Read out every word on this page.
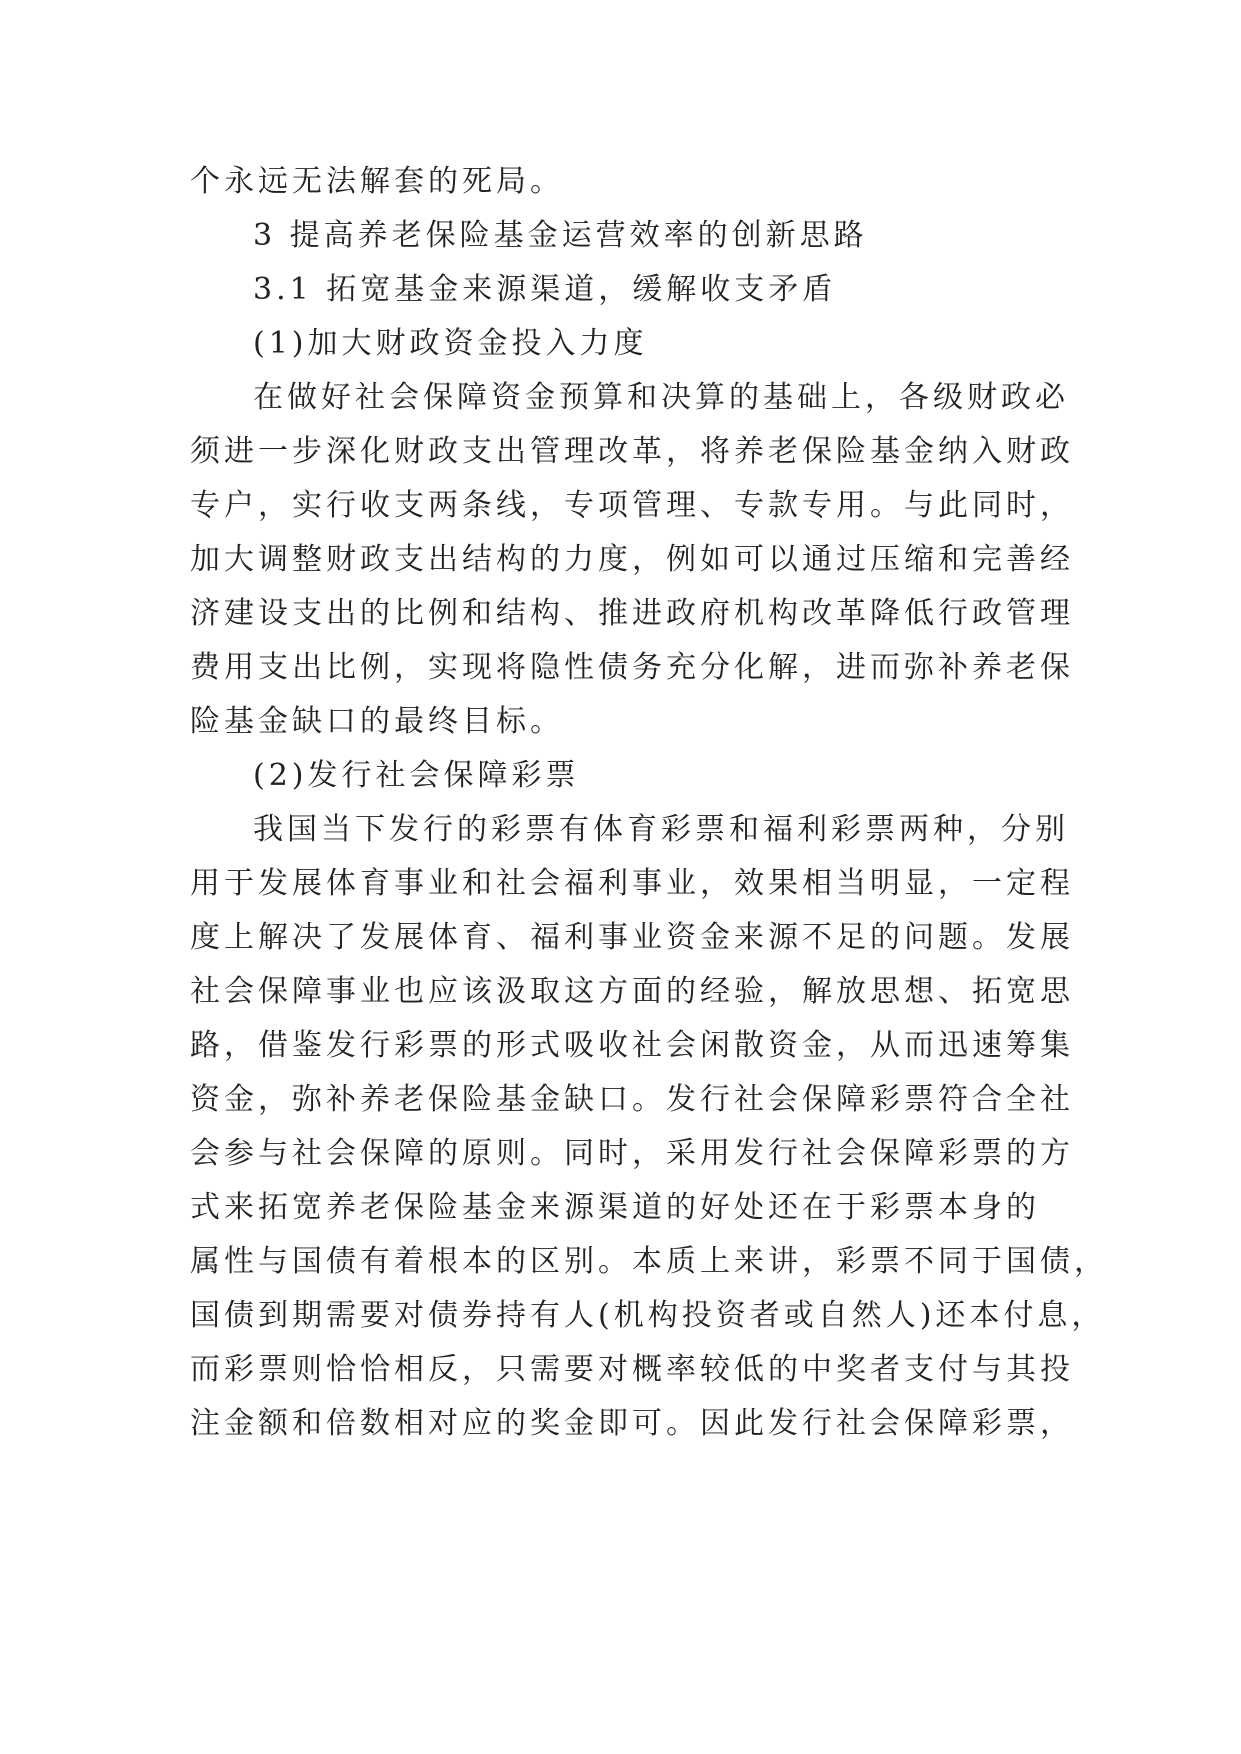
个永远无法解套的死局。
3 提高养老保险基金运营效率的创新思路
3.1 拓宽基金来源渠道，缓解收支矛盾
(1)加大财政资金投入力度
在做好社会保障资金预算和决算的基础上，各级财政必
须进一步深化财政支出管理改革，将养老保险基金纳入财政
专户，实行收支两条线，专项管理、专款专用。与此同时，
加大调整财政支出结构的力度，例如可以通过压缩和完善经
济建设支出的比例和结构、推进政府机构改革降低行政管理
费用支出比例，实现将隐性债务充分化解，进而弥补养老保
险基金缺口的最终目标。
(2)发行社会保障彩票
我国当下发行的彩票有体育彩票和福利彩票两种，分别
用于发展体育事业和社会福利事业，效果相当明显，一定程
度上解决了发展体育、福利事业资金来源不足的问题。发展
社会保障事业也应该汲取这方面的经验，解放思想、拓宽思
路，借鉴发行彩票的形式吸收社会闲散资金，从而迅速筹集
资金，弥补养老保险基金缺口。发行社会保障彩票符合全社
会参与社会保障的原则。同时，采用发行社会保障彩票的方
式来拓宽养老保险基金来源渠道的好处还在于彩票本身的
属性与国债有着根本的区别。本质上来讲，彩票不同于国债，
国债到期需要对债券持有人(机构投资者或自然人)还本付息，
而彩票则恰恰相反，只需要对概率较低的中奖者支付与其投
注金额和倍数相对应的奖金即可。因此发行社会保障彩票，
